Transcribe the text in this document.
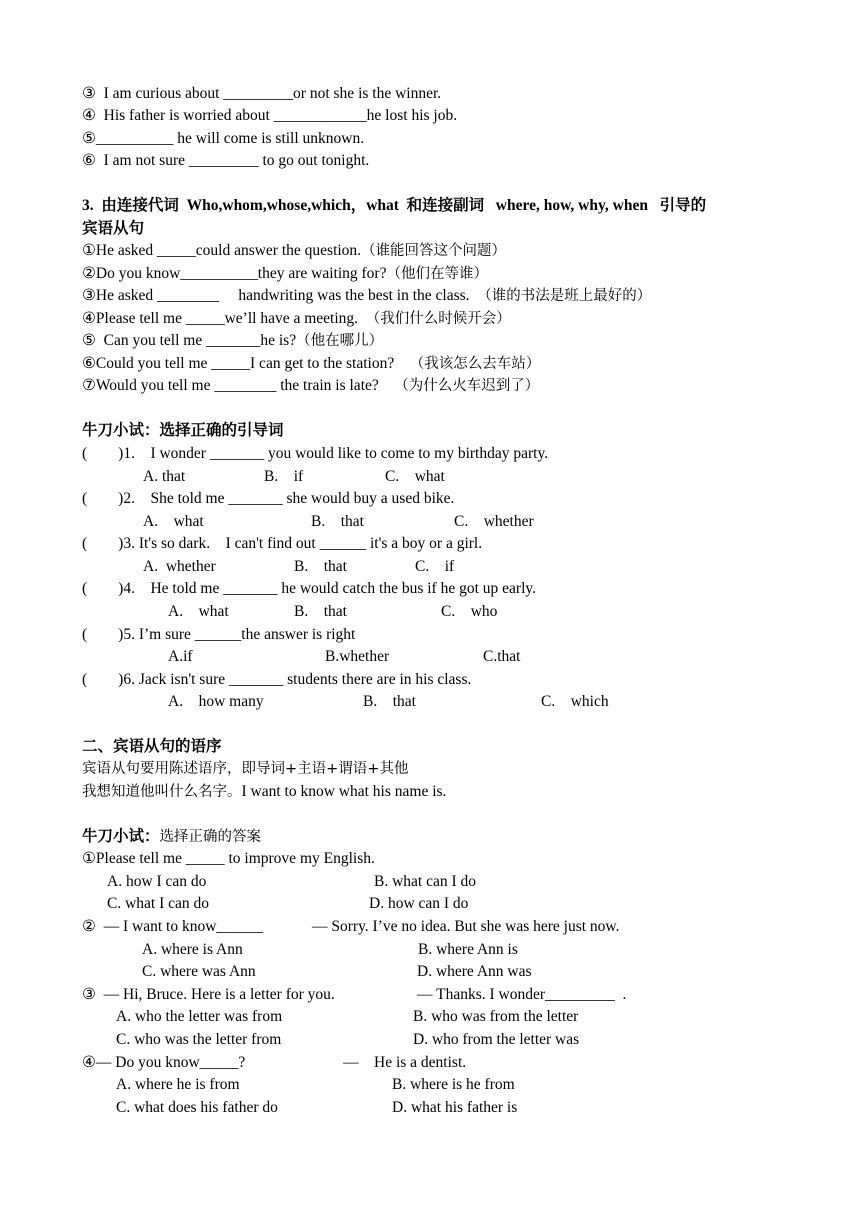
③  I am curious about _________or not she is the winner.
④  His father is worried about ____________he lost his job.
⑤__________ he will come is still unknown.
⑥  I am not sure _________ to go out tonight.
3.  由连接代词  Who,whom,whose,which，what  和连接副词   where, how, why, when   引导的
宾语从句
①He asked _____could answer the question.（谁能回答这个问题）
②Do you know__________they are waiting for?（他们在等谁）
③He asked ________     handwriting was the best in the class. （谁的书法是班上最好的）
④Please tell me _____we’ll have a meeting. （我们什么时候开会）
⑤  Can you tell me _______he is?（他在哪儿）
⑥Could you tell me _____I can get to the station? （我该怎么去车站）
⑦Would you tell me ________ the train is late? （为什么火车迟到了）
牛刀小试：选择正确的引导词
(        )1.    I wonder _______ you would like to come to my birthday party.
A. that	B.    if	C.    what
(        )2.    She told me _______ she would buy a used bike.
A.    what	B.    that	C.    whether
(        )3. It's so dark.    I can't find out ______ it's a boy or a girl.
A.  whether	B.    that	C.    if
(        )4.    He told me _______ he would catch the bus if he got up early.
A.    what	B.    that	C.    who
(        )5. I’m sure ______the answer is right
A.if	B.whether	C.that
(        )6. Jack isn't sure _______ students there are in his class.
A.    how many	B.    that	C.    which
二、宾语从句的语序
宾语从句要用陈述语序，即导词+主语+谓语+其他
我想知道他叫什么名字。I want to know what his name is.
牛刀小试：选择正确的答案
①Please tell me _____ to improve my English.
A. how I can do	B. what can I do
C. what I can do	D. how can I do
②  — I want to know______	— Sorry. I’ve no idea. But she was here just now.
A. where is Ann	B. where Ann is
C. where was Ann	D. where Ann was
③  — Hi, Bruce. Here is a letter for you.	— Thanks. I wonder_________  .
A. who the letter was from	B. who was from the letter
C. who was the letter from	D. who from the letter was
④— Do you know_____?	—    He is a dentist.
A. where he is from	B. where is he from
C. what does his father do	D. what his father is
